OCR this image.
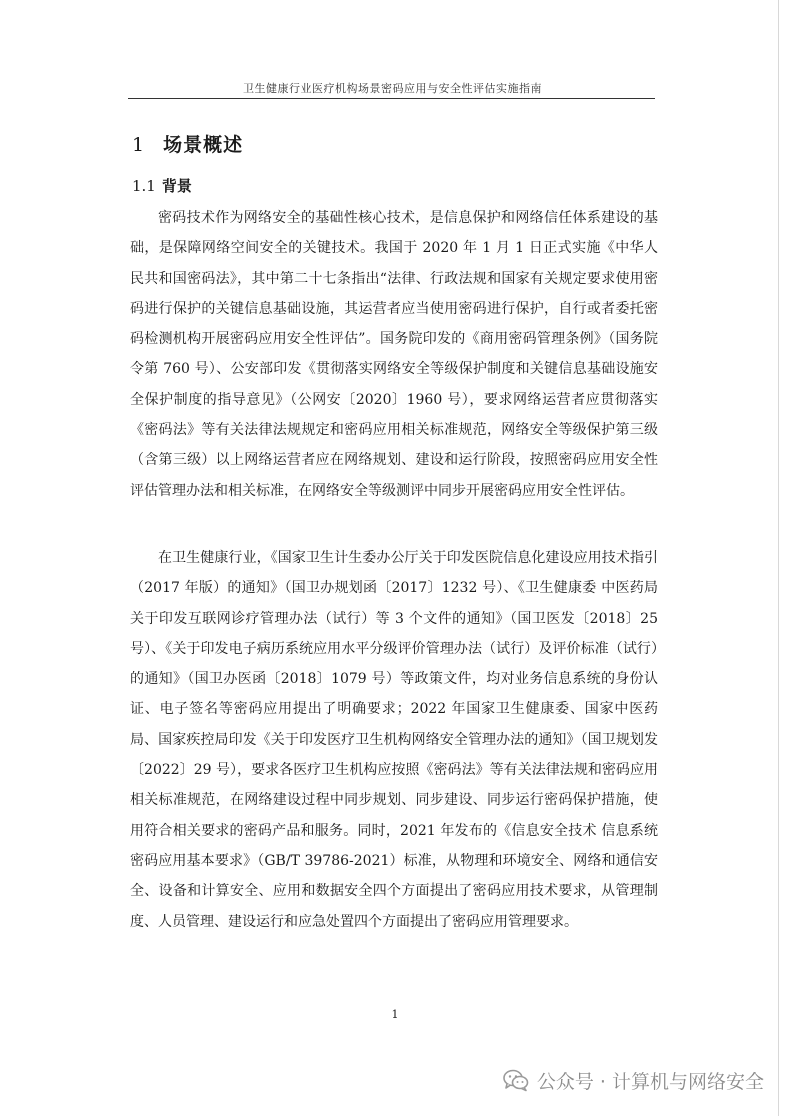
卫生健康行业医疗机构场景密码应用与安全性评估实施指南
1 场景概述
1.1 背景

密码技术作为网络安全的基础性核心技术，是信息保护和网络信任体系建设的基础，是保障网络空间安全的关键技术。我国于 2020 年 1 月 1 日正式实施《中华人民共和国密码法》，其中第二十七条指出“法律、行政法规和国家有关规定要求使用密码进行保护的关键信息基础设施，其运营者应当使用密码进行保护，自行或者委托密码检测机构开展密码应用安全性评估”。国务院印发的《商用密码管理条例》（国务院令第 760 号）、公安部印发《贯彻落实网络安全等级保护制度和关键信息基础设施安全保护制度的指导意见》（公网安〔2020〕1960 号），要求网络运营者应贯彻落实《密码法》等有关法律法规规定和密码应用相关标准规范，网络安全等级保护第三级（含第三级）以上网络运营者应在网络规划、建设和运行阶段，按照密码应用安全性评估管理办法和相关标准，在网络安全等级测评中同步开展密码应用安全性评估。

在卫生健康行业，《国家卫生计生委办公厅关于印发医院信息化建设应用技术指引（2017 年版）的通知》（国卫办规划函〔2017〕1232 号）、《卫生健康委 中医药局关于印发互联网诊疗管理办法（试行）等 3 个文件的通知》（国卫医发〔2018〕25 号）、《关于印发电子病历系统应用水平分级评价管理办法（试行）及评价标准（试行）的通知》（国卫办医函〔2018〕1079 号）等政策文件，均对业务信息系统的身份认证、电子签名等密码应用提出了明确要求；2022 年国家卫生健康委、国家中医药局、国家疾控局印发《关于印发医疗卫生机构网络安全管理办法的通知》（国卫规划发〔2022〕29 号），要求各医疗卫生机构应按照《密码法》等有关法律法规和密码应用相关标准规范，在网络建设过程中同步规划、同步建设、同步运行密码保护措施，使用符合相关要求的密码产品和服务。同时，2021 年发布的《信息安全技术 信息系统密码应用基本要求》（GB/T 39786-2021）标准，从物理和环境安全、网络和通信安全、设备和计算安全、应用和数据安全四个方面提出了密码应用技术要求，从管理制度、人员管理、建设运行和应急处置四个方面提出了密码应用管理要求。

1
公众号 · 计算机与网络安全
